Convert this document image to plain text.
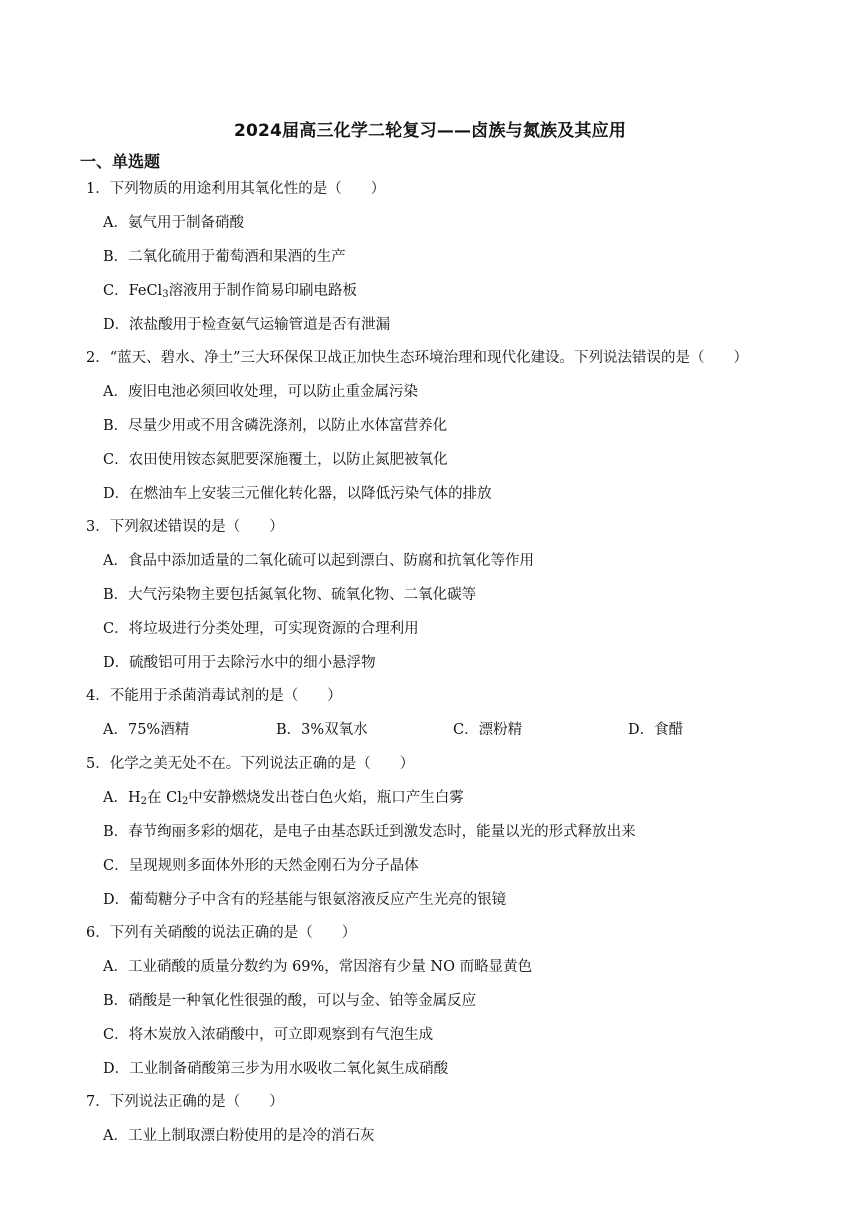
2024届高三化学二轮复习——卤族与氮族及其应用
一、单选题
1．下列物质的用途利用其氧化性的是（　　）
A．氨气用于制备硝酸
B．二氧化硫用于葡萄酒和果酒的生产
C．FeCl$_3$溶液用于制作简易印刷电路板
D．浓盐酸用于检查氨气运输管道是否有泄漏
2．“蓝天、碧水、净土”三大环保保卫战正加快生态环境治理和现代化建设。下列说法错误的是（　　）
A．废旧电池必须回收处理，可以防止重金属污染
B．尽量少用或不用含磷洗涤剂，以防止水体富营养化
C．农田使用铵态氮肥要深施覆土，以防止氮肥被氧化
D．在燃油车上安装三元催化转化器，以降低污染气体的排放
3．下列叙述错误的是（　　）
A．食品中添加适量的二氧化硫可以起到漂白、防腐和抗氧化等作用
B．大气污染物主要包括氮氧化物、硫氧化物、二氧化碳等
C．将垃圾进行分类处理，可实现资源的合理利用
D．硫酸铝可用于去除污水中的细小悬浮物
4．不能用于杀菌消毒试剂的是（　　）
A．75%酒精	B．3%双氧水	C．漂粉精	D．食醋
5．化学之美无处不在。下列说法正确的是（　　）
A．$H_2$在 $Cl_2$中安静燃烧发出苍白色火焰，瓶口产生白雾
B．春节绚丽多彩的烟花，是电子由基态跃迁到激发态时，能量以光的形式释放出来
C．呈现规则多面体外形的天然金刚石为分子晶体
D．葡萄糖分子中含有的羟基能与银氨溶液反应产生光亮的银镜
6．下列有关硝酸的说法正确的是（　　）
A．工业硝酸的质量分数约为 69%，常因溶有少量 NO 而略显黄色
B．硝酸是一种氧化性很强的酸，可以与金、铂等金属反应
C．将木炭放入浓硝酸中，可立即观察到有气泡生成
D．工业制备硝酸第三步为用水吸收二氧化氮生成硝酸
7．下列说法正确的是（　　）
A．工业上制取漂白粉使用的是冷的消石灰
